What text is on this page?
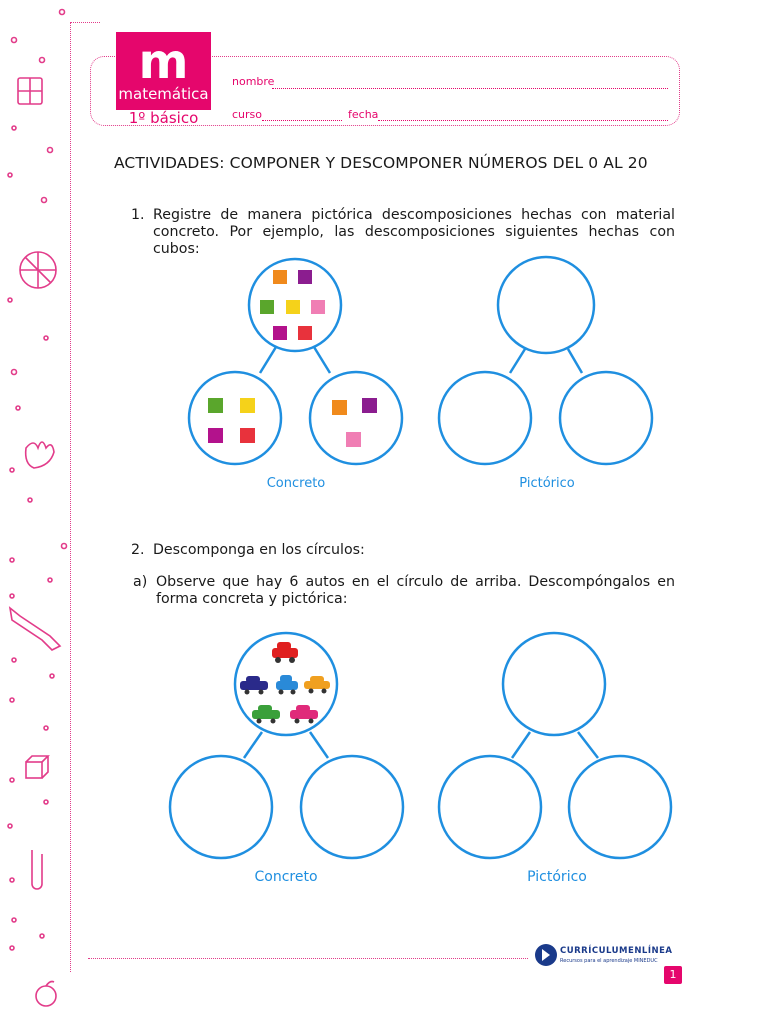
m
matemática
1º básico
nombre
curso	fecha
ACTIVIDADES: COMPONER Y DESCOMPONER NÚMEROS DEL 0 AL 20
1. Registre de manera pictórica descomposiciones hechas con material concreto. Por ejemplo, las descomposiciones siguientes hechas con cubos:
Concreto	Pictórico
2. Descomponga en los círculos:
a) Observe que hay 6 autos en el círculo de arriba. Descompóngalos en forma concreta y pictórica:
Concreto	Pictórico
CURRÍCULUMENLÍNEA
Recursos para el aprendizaje MINEDUC
1
